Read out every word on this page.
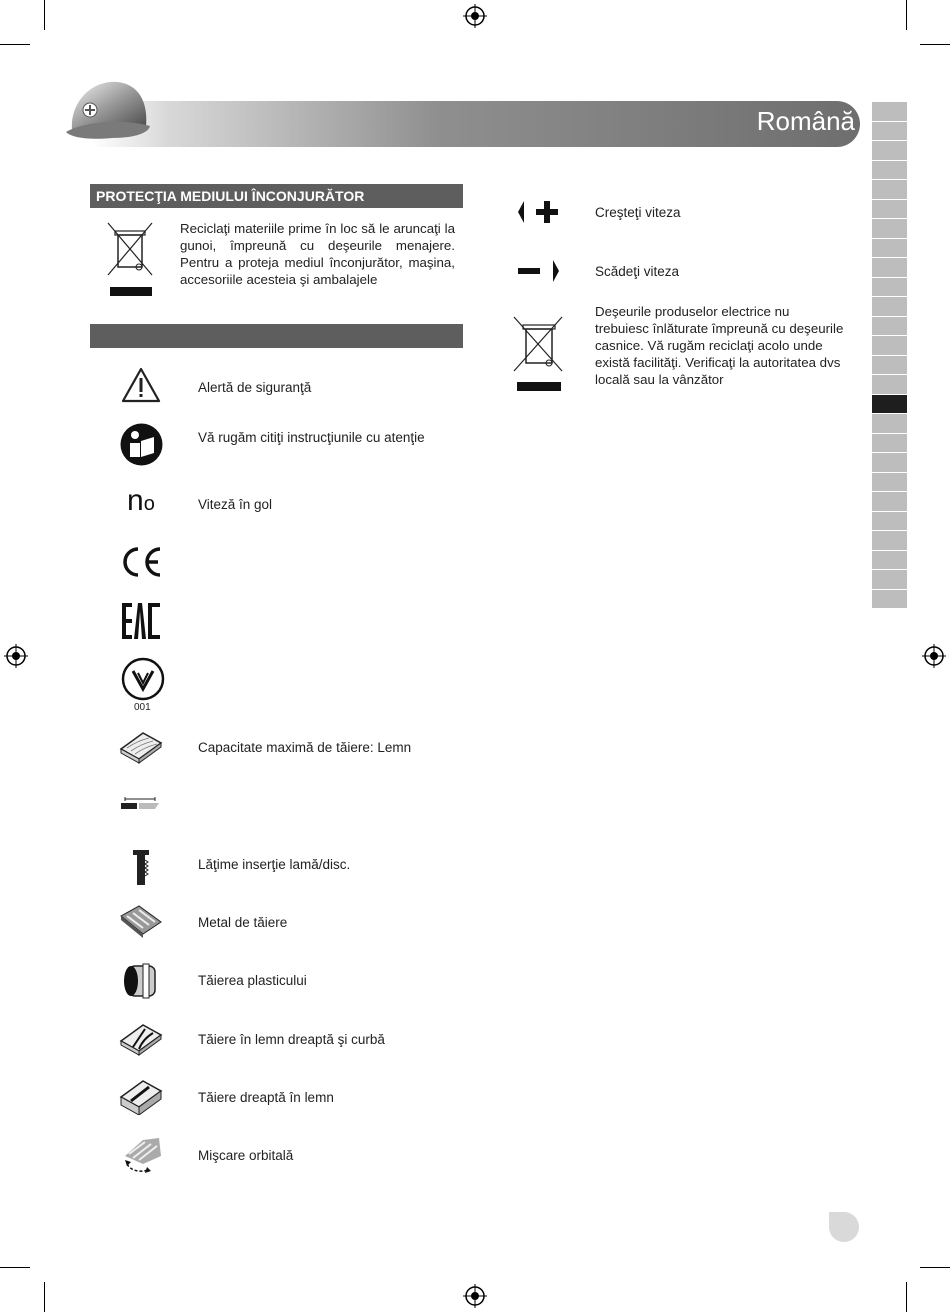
Română
PROTECŢIA MEDIULUI ÎNCONJURĂTOR
Reciclaţi materiile prime în loc să le aruncaţi la gunoi, împreună cu deşeurile menajere. Pentru a proteja mediul înconjurător, maşina, accesoriile acesteia şi ambalajele
Alertă de siguranţă
Vă rugăm citiţi instrucţiunile cu atenţie
no	Viteză în gol
001
Capacitate maximă de tăiere: Lemn
Lăţime inserţie lamă/disc.
Metal de tăiere
Tăierea plasticului
Tăiere în lemn dreaptă şi curbă
Tăiere dreaptă în lemn
Mişcare orbitală
Creşteţi viteza
Scădeţi viteza
Deşeurile produselor electrice nu trebuiesc înlăturate împreună cu deşeurile casnice. Vă rugăm reciclaţi acolo unde există facilităţi. Verificaţi la autoritatea dvs locală sau la vânzător
